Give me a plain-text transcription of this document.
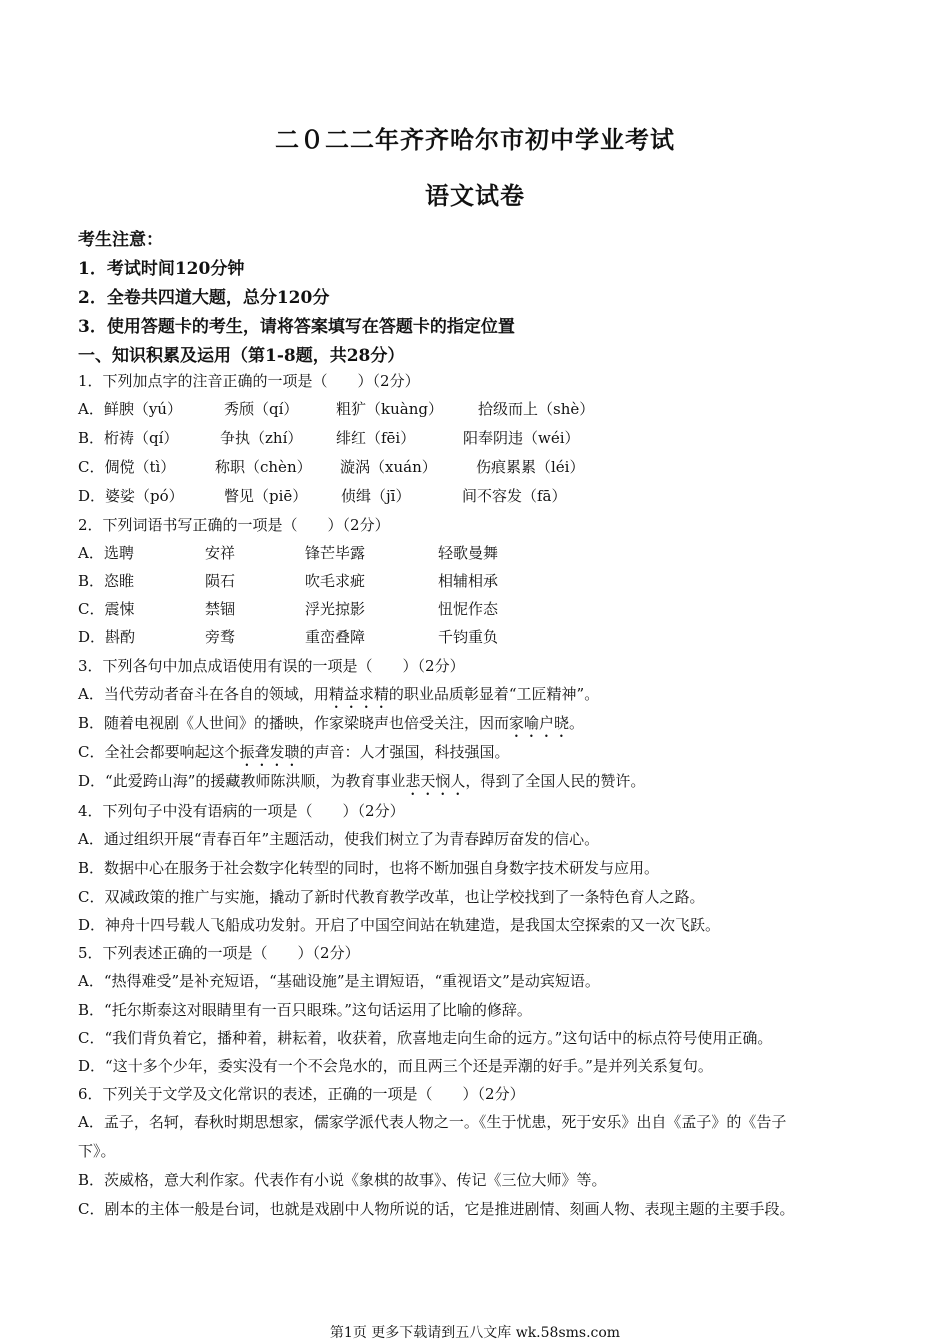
二０二二年齐齐哈尔市初中学业考试
语文试卷
考生注意：
1．考试时间120分钟
2．全卷共四道大题，总分120分
3．使用答题卡的考生，请将答案填写在答题卡的指定位置
一、知识积累及运用（第1-8题，共28分）
1．下列加点字的注音正确的一项是（　　）（2分）
A．鲜腴（yú）	秀颀（qí）	粗犷（kuàng） 拾级而上（shè）
B．桁祷（qí）	争执（zhí） 绯红（fēi）	阳奉阴违（wéi）
C．倜傥（tì）	称职（chèn） 漩涡（xuán）	伤痕累累（léi）
D．婆娑（pó）	瞥见（piē） 侦缉（jī）	间不容发（fā）
2．下列词语书写正确的一项是（　　）（2分）
A．选聘	安祥	锋芒毕露	轻歌曼舞
B．恣睢	陨石	吹毛求疵	相辅相承
C．震悚	禁锢	浮光掠影	忸怩作态
D．斟酌	旁骛	重峦叠障	千钧重负
3．下列各句中加点成语使用有误的一项是（　　）（2分）
A．当代劳动者奋斗在各自的领域，用精益求精的职业品质彰显着“工匠精神”。
B．随着电视剧《人世间》的播映，作家梁晓声也倍受关注，因而家喻户晓。
C．全社会都要响起这个振聋发聩的声音：人才强国，科技强国。
D．“此爱跨山海”的援藏教师陈洪顺，为教育事业悲天悯人，得到了全国人民的赞许。
4．下列句子中没有语病的一项是（　　）（2分）
A．通过组织开展“青春百年”主题活动，使我们树立了为青春踔厉奋发的信心。
B．数据中心在服务于社会数字化转型的同时，也将不断加强自身数字技术研发与应用。
C．双减政策的推广与实施，撬动了新时代教育教学改革，也让学校找到了一条特色育人之路。
D．神舟十四号载人飞船成功发射。开启了中国空间站在轨建造，是我国太空探索的又一次飞跃。
5．下列表述正确的一项是（　　）（2分）
A．“热得难受”是补充短语，“基础设施”是主谓短语，“重视语文”是动宾短语。
B．“托尔斯泰这对眼睛里有一百只眼珠。”这句话运用了比喻的修辞。
C．“我们背负着它，播种着，耕耘着，收获着，欣喜地走向生命的远方。”这句话中的标点符号使用正确。
D．“这十多个少年，委实没有一个不会凫水的，而且两三个还是弄潮的好手。”是并列关系复句。
6．下列关于文学及文化常识的表述，正确的一项是（　　）（2分）
A．孟子，名轲，春秋时期思想家，儒家学派代表人物之一。《生于忧患，死于安乐》出自《孟子》的《告子
下》。
B．茨威格，意大利作家。代表作有小说《象棋的故事》、传记《三位大师》等。
C．剧本的主体一般是台词，也就是戏剧中人物所说的话，它是推进剧情、刻画人物、表现主题的主要手段。
第1页 更多下载请到五八文库 wk.58sms.com
